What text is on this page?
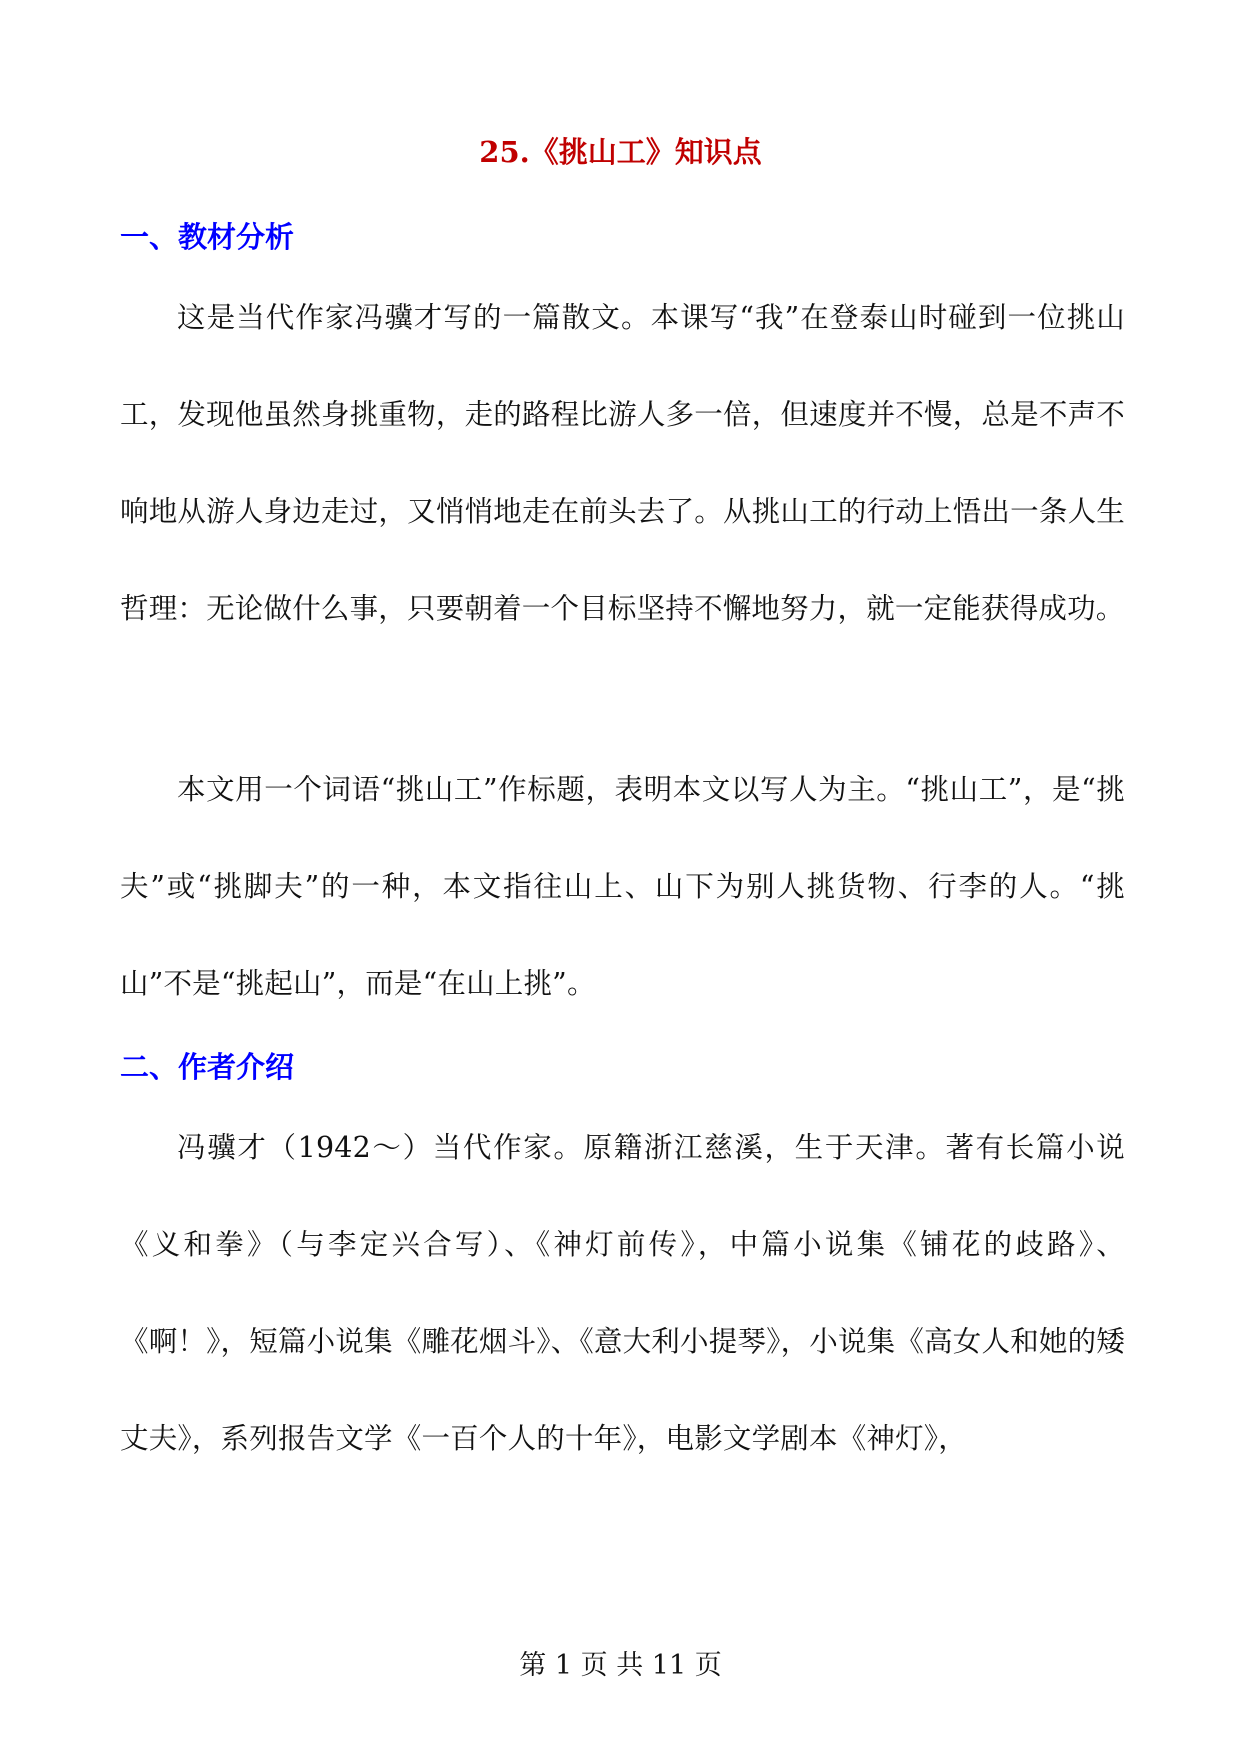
25.《挑山工》知识点
一、教材分析

这是当代作家冯骥才写的一篇散文。本课写“我”在登泰山时碰到一位挑山工，发现他虽然身挑重物，走的路程比游人多一倍，但速度并不慢，总是不声不响地从游人身边走过，又悄悄地走在前头去了。从挑山工的行动上悟出一条人生哲理：无论做什么事，只要朝着一个目标坚持不懈地努力，就一定能获得成功。

本文用一个词语“挑山工”作标题，表明本文以写人为主。“挑山工”，是“挑夫”或“挑脚夫”的一种，本文指往山上、山下为别人挑货物、行李的人。“挑山”不是“挑起山”，而是“在山上挑”。

二、作者介绍

冯骥才（1942～）当代作家。原籍浙江慈溪，生于天津。著有长篇小说《义和拳》（与李定兴合写）、《神灯前传》，中篇小说集《铺花的歧路》、《啊！》，短篇小说集《雕花烟斗》、《意大利小提琴》，小说集《高女人和她的矮丈夫》，系列报告文学《一百个人的十年》，电影文学剧本《神灯》，

第 1 页 共 11 页
